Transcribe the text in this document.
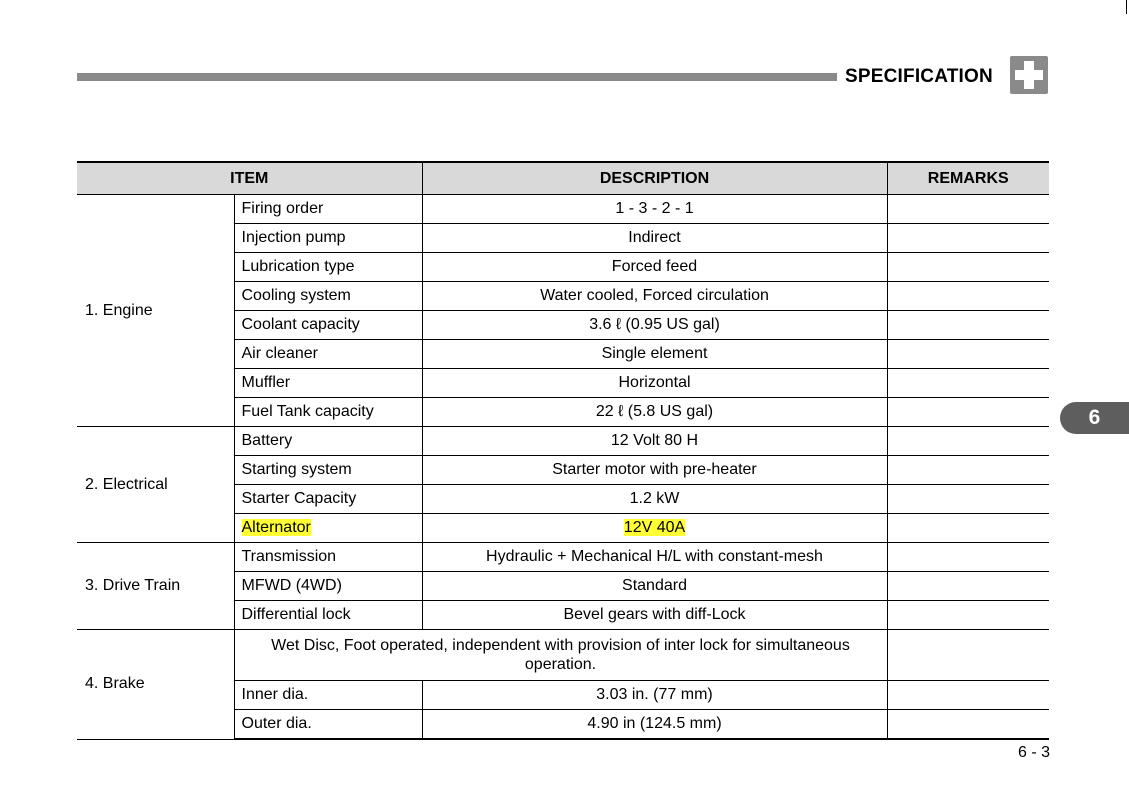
SPECIFICATION
6
ITEM		DESCRIPTION	REMARKS
1. Engine	Firing order	1 - 3 - 2 - 1	
	Injection pump	Indirect	
	Lubrication type	Forced feed	
	Cooling system	Water cooled, Forced circulation	
	Coolant capacity	3.6 ℓ (0.95 US gal)	
	Air cleaner	Single element	
	Muffler	Horizontal	
	Fuel Tank capacity	22 ℓ (5.8 US gal)	
2. Electrical	Battery	12 Volt 80 H	
	Starting system	Starter motor with pre-heater	
	Starter Capacity	1.2 kW	
	Alternator	12V 40A	
3. Drive Train	Transmission	Hydraulic + Mechanical H/L with constant-mesh	
	MFWD (4WD)	Standard	
	Differential lock	Bevel gears with diff-Lock	
4. Brake	Wet Disc, Foot operated, independent with provision of inter lock for simultaneous operation.		
	Inner dia.	3.03 in. (77 mm)	
	Outer dia.	4.90 in (124.5 mm)	
6 - 3
